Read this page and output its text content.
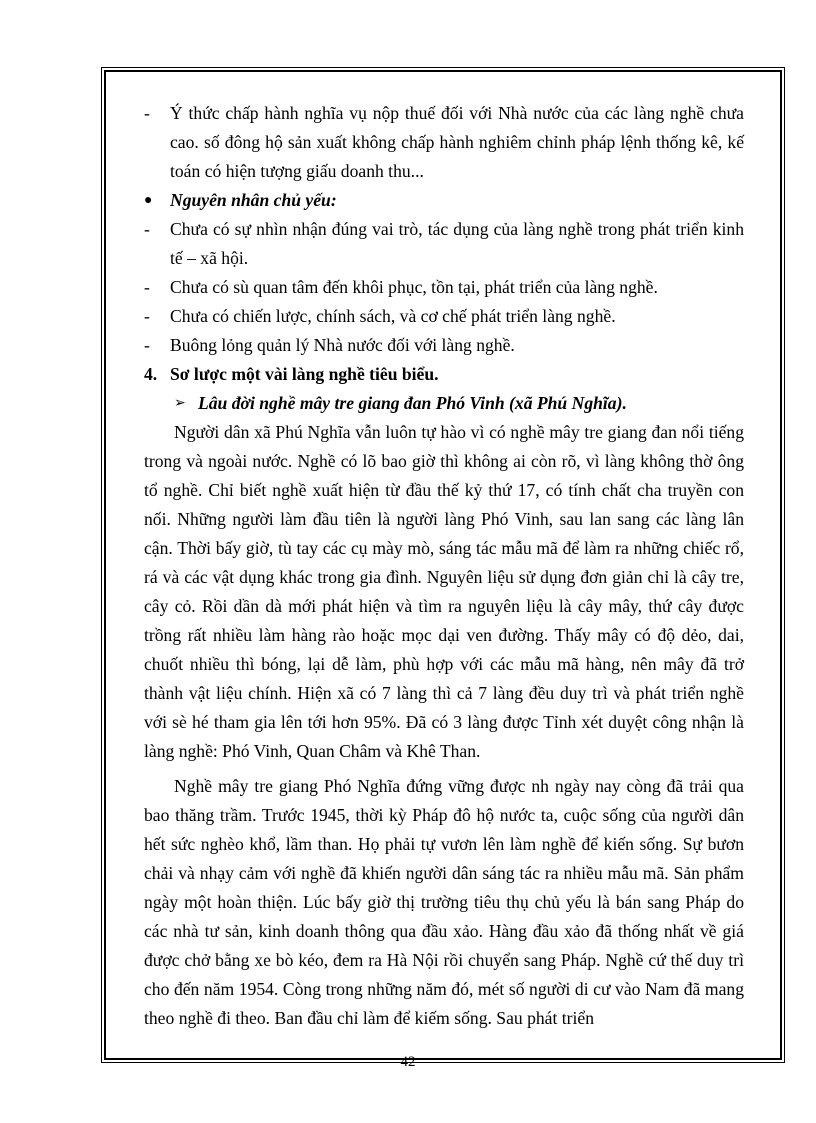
-	Ý thức chấp hành nghĩa vụ nộp thuế đối với Nhà nước của các làng nghề chưa cao. số đông hộ sản xuất không chấp hành nghiêm chỉnh pháp lệnh thống kê, kế toán có hiện tượng giấu doanh thu...
● Nguyên nhân chủ yếu:
-	Chưa có sự nhìn nhận đúng vai trò, tác dụng của làng nghề trong phát triển kinh tế – xã hội.
-	Chưa có sù quan tâm đến khôi phục, tồn tại, phát triển của làng nghề.
-	Chưa có chiến lược, chính sách, và cơ chế phát triển làng nghề.
-	Buông lỏng quản lý Nhà nước đối với làng nghề.
4. Sơ lược một vài làng nghề tiêu biểu.
➢ Lâu đời nghề mây tre giang đan Phó Vinh (xã Phú Nghĩa).

Người dân xã Phú Nghĩa vẫn luôn tự hào vì có nghề mây tre giang đan nổi tiếng trong và ngoài nước. Nghề có lõ bao giờ thì không ai còn rõ, vì làng không thờ ông tổ nghề. Chỉ biết nghề xuất hiện từ đầu thế kỷ thứ 17, có tính chất cha truyền con nối. Những người làm đầu tiên là người làng Phó Vinh, sau lan sang các làng lân cận. Thời bấy giờ, tù tay các cụ mày mò, sáng tác mẫu mã để làm ra những chiếc rổ, rá và các vật dụng khác trong gia đình. Nguyên liệu sử dụng đơn giản chỉ là cây tre, cây cỏ. Rồi dần dà mới phát hiện và tìm ra nguyên liệu là cây mây, thứ cây được trồng rất nhiều làm hàng rào hoặc mọc dại ven đường. Thấy mây có độ dẻo, dai, chuốt nhiều thì bóng, lại dễ làm, phù hợp với các mẫu mã hàng, nên mây đã trở thành vật liệu chính. Hiện xã có 7 làng thì cả 7 làng đều duy trì và phát triển nghề với sè hé tham gia lên tới hơn 95%. Đã có 3 làng được Tỉnh xét duyệt công nhận là làng nghề: Phó Vinh, Quan Châm và Khê Than.

Nghề mây tre giang Phó Nghĩa đứng vững được nh ngày nay còng đã trải qua bao thăng trầm. Trước 1945, thời kỳ Pháp đô hộ nước ta, cuộc sống của người dân hết sức nghèo khổ, lầm than. Họ phải tự vươn lên làm nghề để kiến sống. Sự bươn chải và nhạy cảm với nghề đã khiến người dân sáng tác ra nhiều mẫu mã. Sản phẩm ngày một hoàn thiện. Lúc bấy giờ thị trường tiêu thụ chủ yếu là bán sang Pháp do các nhà tư sản, kinh doanh thông qua đầu xảo. Hàng đầu xảo đã thống nhất về giá được chở bằng xe bò kéo, đem ra Hà Nội rồi chuyển sang Pháp. Nghề cứ thế duy trì cho đến năm 1954. Còng trong những năm đó, mét số người di cư vào Nam đã mang theo nghề đi theo. Ban đầu chỉ làm để kiếm sống. Sau phát triển

42
